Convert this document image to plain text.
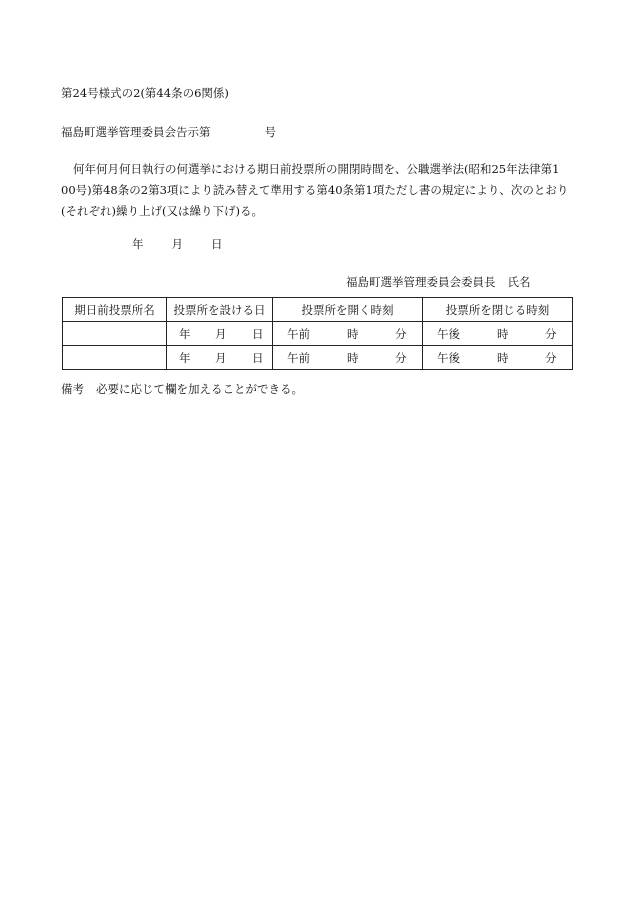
第24号様式の2(第44条の6関係)
福島町選挙管理委員会告示第	号
何年何月何日執行の何選挙における期日前投票所の開閉時間を、公職選挙法(昭和25年法律第1
00号)第48条の2第3項により読み替えて準用する第40条第1項ただし書の規定により、次のとおり
(それぞれ)繰り上げ(又は繰り下げ)る。
年 月 日
福島町選挙管理委員会委員長 氏名
期日前投票所名	投票所を設ける日	投票所を開く時刻	投票所を閉じる時刻

	年 月 日	午前 時 分	午後 時 分

	年 月 日	午前 時 分	午後 時 分
備考 必要に応じて欄を加えることができる。
